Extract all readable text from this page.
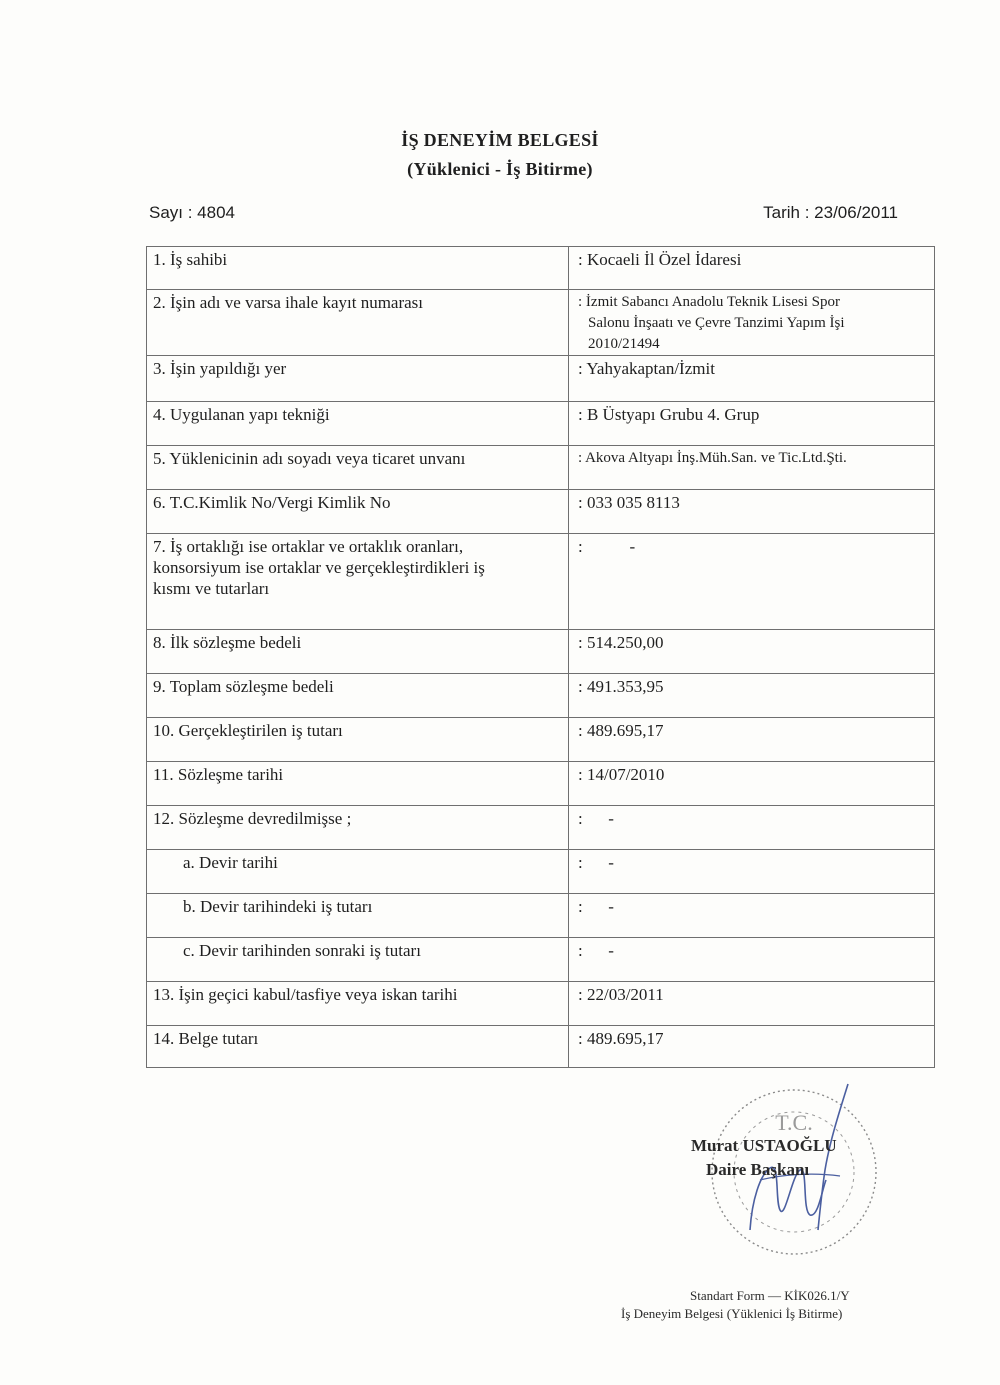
İŞ DENEYİM BELGESİ
(Yüklenici - İş Bitirme)
Sayı : 4804	Tarih : 23/06/2011
1. İş sahibi	: Kocaeli İl Özel İdaresi
2. İşin adı ve varsa ihale kayıt numarası	: İzmit Sabancı Anadolu Teknik Lisesi Spor
Salonu İnşaatı ve Çevre Tanzimi Yapım İşi
2010/21494

3. İşin yapıldığı yer	: Yahyakaptan/İzmit
4. Uygulanan yapı tekniği	: B Üstyapı Grubu 4. Grup
5. Yüklenicinin adı soyadı veya ticaret unvanı	: Akova Altyapı İnş.Müh.San. ve Tic.Ltd.Şti.
6. T.C.Kimlik No/Vergi Kimlik No	: 033 035 8113

7. İş ortaklığı ise ortaklar ve ortaklık oranları,
konsorsiyum ise ortaklar ve gerçekleştirdikleri iş
kısmı ve tutarları	:           -
8. İlk sözleşme bedeli	: 514.250,00
9. Toplam sözleşme bedeli	: 491.353,95
10. Gerçekleştirilen iş tutarı	: 489.695,17
11. Sözleşme tarihi	: 14/07/2010
12. Sözleşme devredilmişse ;	:      -
a. Devir tarihi	:      -
b. Devir tarihindeki iş tutarı	:      -
c. Devir tarihinden sonraki iş tutarı	:      -
13. İşin geçici kabul/tasfiye veya iskan tarihi	: 22/03/2011
14. Belge tutarı	: 489.695,17
T.C.
Murat USTAOĞLU
Daire Başkanı
Standart Form — KİK026.1/Y
İş Deneyim Belgesi (Yüklenici İş Bitirme)
